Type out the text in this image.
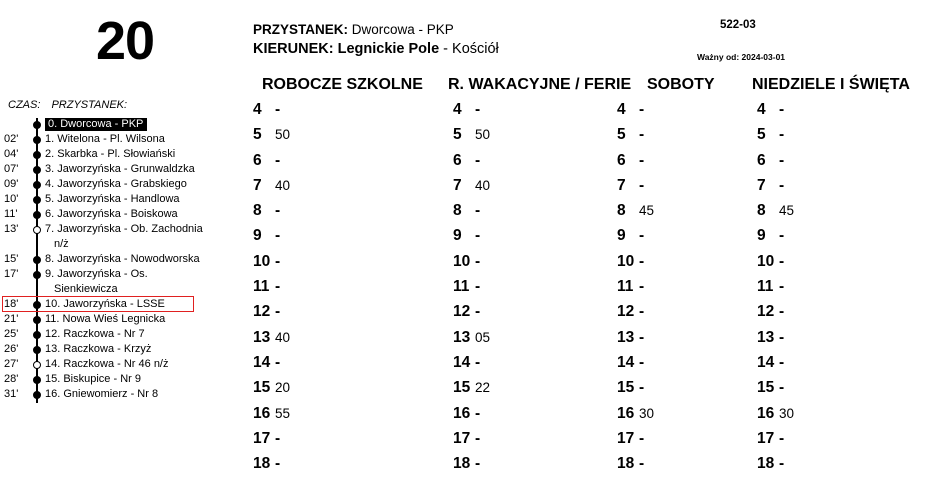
20
CZAS: PRZYSTANEK:
0. Dworcowa - PKP
02'	1. Witelona - Pl. Wilsona
04'	2. Skarbka - Pl. Słowiański
07'	3. Jaworzyńska - Grunwaldzka
09'	4. Jaworzyńska - Grabskiego
10'	5. Jaworzyńska - Handlowa
11'	6. Jaworzyńska - Boiskowa
13'	7. Jaworzyńska - Ob. Zachodnia
n/ż
15'	8. Jaworzyńska - Nowodworska
17'	9. Jaworzyńska - Os.
Sienkiewicza
18'	10. Jaworzyńska - LSSE
21'	11. Nowa Wieś Legnicka
25'	12. Raczkowa - Nr 7
26'	13. Raczkowa - Krzyż
27'	14. Raczkowa - Nr 46 n/ż
28'	15. Biskupice - Nr 9
31'	16. Gniewomierz - Nr 8
PRZYSTANEK: Dworcowa - PKP
KIERUNEK: Legnickie Pole - Kościół
522-03
Ważny od: 2024-03-01
ROBOCZE SZKOLNE
4 -
5 50
6 -
7 40
8 -
9 -
10 -
11 -
12 -
13 40
14 -
15 20
16 55
17 -
18 -
R. WAKACYJNE / FERIE
4 -
5 50
6 -
7 40
8 -
9 -
10 -
11 -
12 -
13 05
14 -
15 22
16 -
17 -
18 -
SOBOTY
4 -
5 -
6 -
7 -
8 45
9 -
10 -
11 -
12 -
13 -
14 -
15 -
16 30
17 -
18 -
NIEDZIELE I ŚWIĘTA
4 -
5 -
6 -
7 -
8 45
9 -
10 -
11 -
12 -
13 -
14 -
15 -
16 30
17 -
18 -
